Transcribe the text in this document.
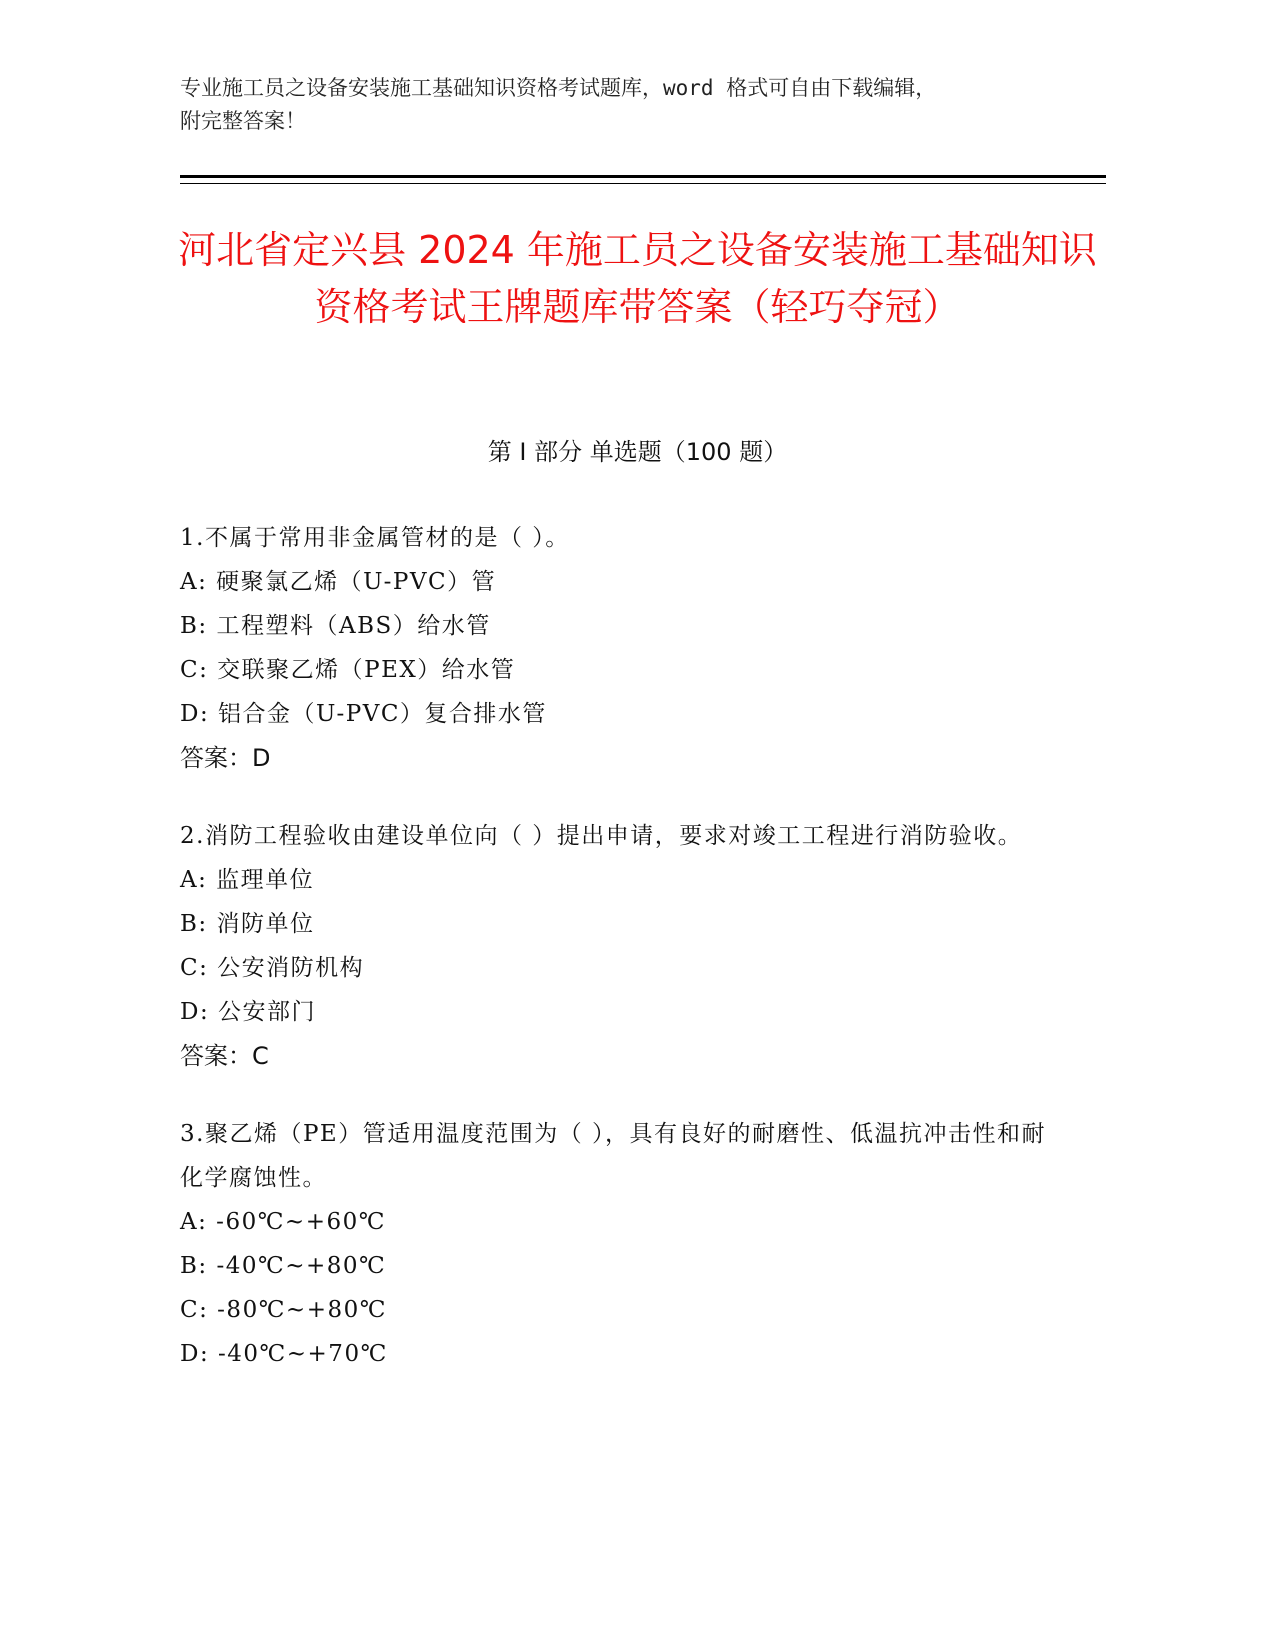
专业施工员之设备安装施工基础知识资格考试题库，word 格式可自由下载编辑，
附完整答案！
河北省定兴县 2024 年施工员之设备安装施工基础知识资格考试王牌题库带答案（轻巧夺冠）
第 I 部分 单选题（100 题）

1.不属于常用非金属管材的是（ ）。

A: 硬聚氯乙烯（U-PVC）管

B: 工程塑料（ABS）给水管

C: 交联聚乙烯（PEX）给水管

D: 铝合金（U-PVC）复合排水管

答案：D

2.消防工程验收由建设单位向（ ）提出申请，要求对竣工工程进行消防验收。

A: 监理单位

B: 消防单位

C: 公安消防机构

D: 公安部门

答案：C

3.聚乙烯（PE）管适用温度范围为（ ），具有良好的耐磨性、低温抗冲击性和耐化学腐蚀性。

A: -60℃~+60℃

B: -40℃~+80℃

C: -80℃~+80℃

D: -40℃~+70℃
